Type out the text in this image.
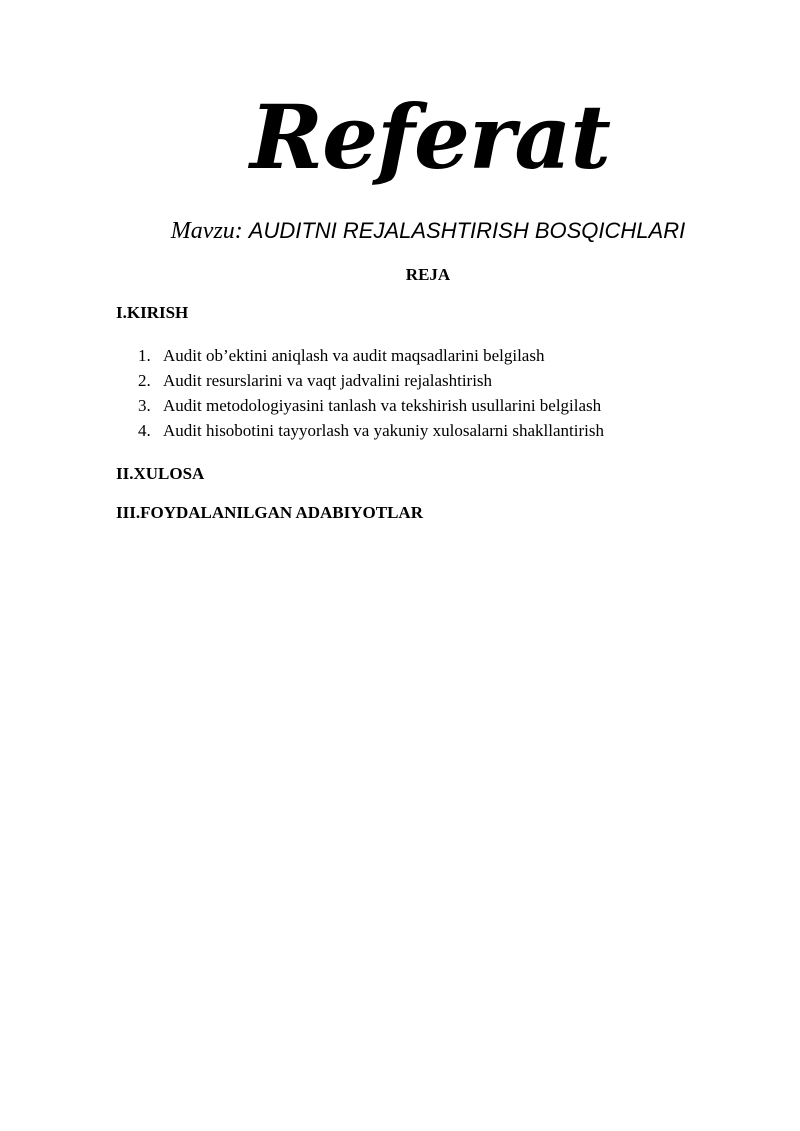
Referat
Mavzu: AUDITNI REJALASHTIRISH BOSQICHLARI
REJA
I.KIRISH
1. Audit ob’ektini aniqlash va audit maqsadlarini belgilash
2. Audit resurslarini va vaqt jadvalini rejalashtirish
3. Audit metodologiyasini tanlash va tekshirish usullarini belgilash
4. Audit hisobotini tayyorlash va yakuniy xulosalarni shakllantirish
II.XULOSA
III.FOYDALANILGAN ADABIYOTLAR
